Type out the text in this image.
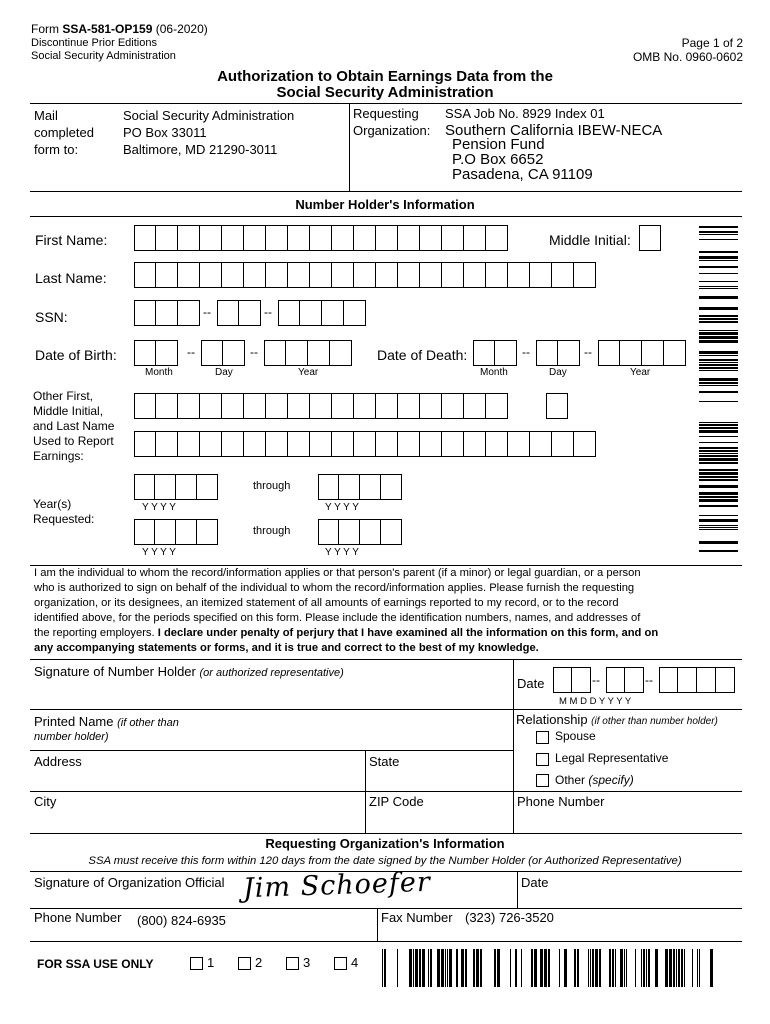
Form SSA-581-OP159 (06-2020)
Discontinue Prior Editions
Social Security Administration
Page 1 of 2
OMB No. 0960-0602
Authorization to Obtain Earnings Data from the
Social Security Administration
Mail
completed
form to:
Social Security Administration
PO Box 33011
Baltimore, MD 21290-3011
Requesting
Organization:
SSA Job No. 8929 Index 01
Southern California IBEW-NECA
Pension Fund
P.O Box 6652
Pasadena, CA 91109
Number Holder's Information
First Name:	Middle Initial:
Last Name:
SSN:	--	--
Date of Birth:	--	--
Month	Day	Year
Date of Death:	--	--
Month	Day	Year
Other First,
Middle Initial,
and Last Name
Used to Report
Earnings:
Year(s)
Requested:
through
Y Y Y Y	Y Y Y Y
through
Y Y Y Y	Y Y Y Y
I am the individual to whom the record/information applies or that person's parent (if a minor) or legal guardian, or a person
who is authorized to sign on behalf of the individual to whom the record/information applies. Please furnish the requesting
organization, or its designees, an itemized statement of all amounts of earnings reported to my record, or to the record
identified above, for the periods specified on this form. Please include the identification numbers, names, and addresses of
the reporting employers. I declare under penalty of perjury that I have examined all the information on this form, and on
any accompanying statements or forms, and it is true and correct to the best of my knowledge.
Signature of Number Holder (or authorized representative)
Date	--	--
M M D D Y Y Y Y
Printed Name (if other than
number holder)
Relationship (if other than number holder)
Spouse
Legal Representative
Other (specify)
Address	State
City	ZIP Code	Phone Number
Requesting Organization's Information
SSA must receive this form within 120 days from the date signed by the Number Holder (or Authorized Representative)
Signature of Organization Official Jim Schoefer	Date
Phone Number (800) 824-6935	Fax Number (323) 726-3520
FOR SSA USE ONLY	1	2	3	4
